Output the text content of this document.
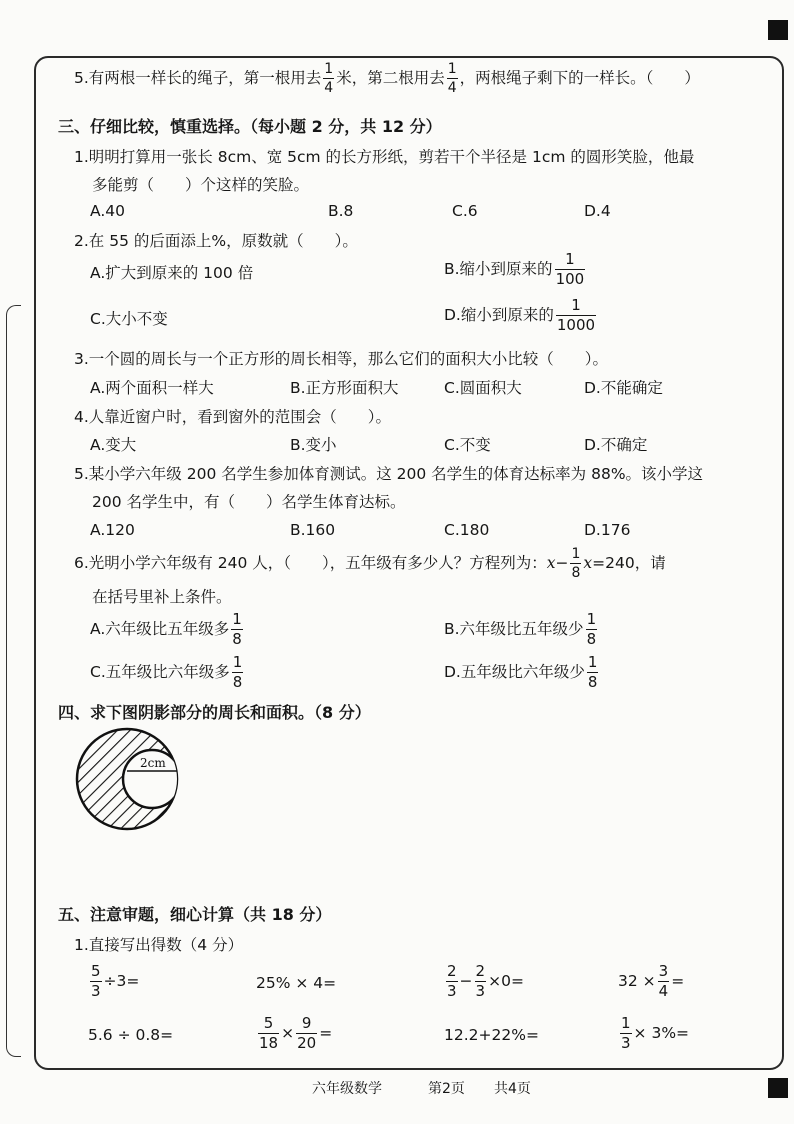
5.有两根一样长的绳子，第一根用去 $\frac{1}{4}$ 米，第二根用去 $\frac{1}{4}$ ，两根绳子剩下的一样长。（　　）
三、仔细比较，慎重选择。（每小题 2 分，共 12 分）
1.明明打算用一张长 8cm、宽 5cm 的长方形纸，剪若干个半径是 1cm 的圆形笑脸，他最
多能剪（　　）个这样的笑脸。
A.40	B.8	C.6	D.4
2.在 55 的后面添上%，原数就（　　）。
A.扩大到原来的 100 倍	B.缩小到原来的 $\frac{1}{100}$
C.大小不变	D.缩小到原来的 $\frac{1}{1000}$
3.一个圆的周长与一个正方形的周长相等，那么它们的面积大小比较（　　）。
A.两个面积一样大	B.正方形面积大	C.圆面积大	D.不能确定
4.人靠近窗户时，看到窗外的范围会（　　）。
A.变大	B.变小	C.不变	D.不确定
5.某小学六年级 200 名学生参加体育测试。这 200 名学生的体育达标率为 88%。该小学这
200 名学生中，有（　　）名学生体育达标。
A.120	B.160	C.180	D.176
6.光明小学六年级有 240 人，（　　），五年级有多少人？方程列为：$x- \frac{1}{8} x=240$，请
在括号里补上条件。
A.六年级比五年级多 $\frac{1}{8}$	B.六年级比五年级少 $\frac{1}{8}$
C.五年级比六年级多 $\frac{1}{8}$	D.五年级比六年级少 $\frac{1}{8}$
四、求下图阴影部分的周长和面积。（8 分）
2cm
五、注意审题，细心计算（共 18 分）
1.直接写出得数（4 分）
$\frac{5}{3} \div 3=$	25% × 4=	$\frac{2}{3} - \frac{2}{3} \times 0=$	$32 \times \frac{3}{4}$ =
5.6 ÷ 0.8=	$\frac{5}{18} \times \frac{9}{20}$ =	12.2+22%=	$\frac{1}{3} \times 3\%=$
六年级数学	第2页 共4页
